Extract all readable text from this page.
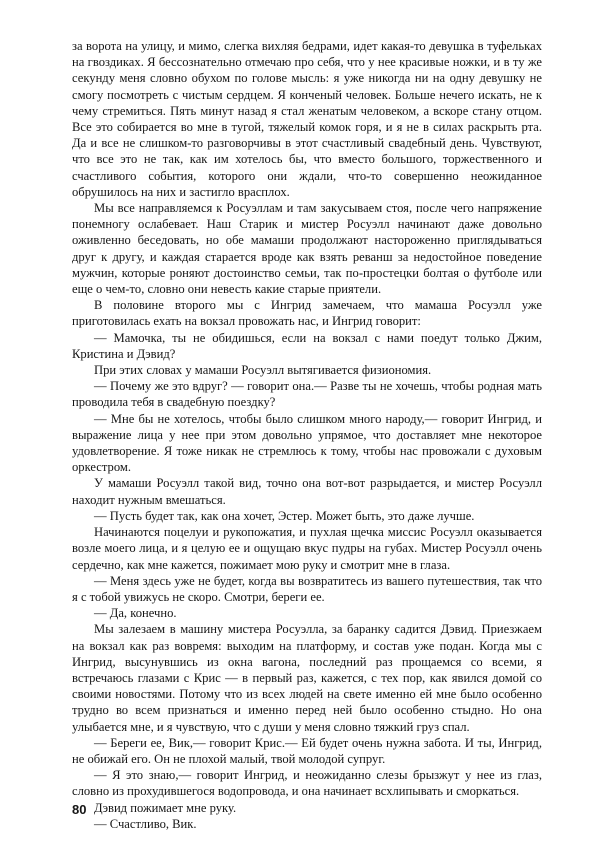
за ворота на улицу, и мимо, слегка вихляя бедрами, идет какая-то девушка в туфельках на гвоздиках. Я бессознательно отмечаю про себя, что у нее красивые ножки, и в ту же секунду меня словно обухом по голове мысль: я уже никогда ни на одну девушку не смогу посмотреть с чистым сердцем. Я конченый человек. Больше нечего искать, не к чему стремиться. Пять минут назад я стал женатым человеком, а вскоре стану отцом. Все это собирается во мне в тугой, тяжелый комок горя, и я не в силах раскрыть рта. Да и все не слишком-то разговорчивы в этот счастливый свадебный день. Чувствуют, что все это не так, как им хотелось бы, что вместо большого, торжественного и счастливого события, которого они ждали, что-то совершенно неожиданное обрушилось на них и застигло врасплох.

Мы все направляемся к Росуэллам и там закусываем стоя, после чего напряжение понемногу ослабевает. Наш Старик и мистер Росуэлл начинают даже довольно оживленно беседовать, но обе мамаши продолжают настороженно приглядываться друг к другу, и каждая старается вроде как взять реванш за недостойное поведение мужчин, которые роняют достоинство семьи, так по-простецки болтая о футболе или еще о чем-то, словно они невесть какие старые приятели.

В половине второго мы с Ингрид замечаем, что мамаша Росуэлл уже приготовилась ехать на вокзал провожать нас, и Ингрид говорит:

— Мамочка, ты не обидишься, если на вокзал с нами поедут только Джим, Кристина и Дэвид?

При этих словах у мамаши Росуэлл вытягивается физиономия.

— Почему же это вдруг? — говорит она.— Разве ты не хочешь, чтобы родная мать проводила тебя в свадебную поездку?

— Мне бы не хотелось, чтобы было слишком много народу,— говорит Ингрид, и выражение лица у нее при этом довольно упрямое, что доставляет мне некоторое удовлетворение. Я тоже никак не стремлюсь к тому, чтобы нас провожали с духовым оркестром.

У мамаши Росуэлл такой вид, точно она вот-вот разрыдается, и мистер Росуэлл находит нужным вмешаться.

— Пусть будет так, как она хочет, Эстер. Может быть, это даже лучше.

Начинаются поцелуи и рукопожатия, и пухлая щечка миссис Росуэлл оказывается возле моего лица, и я целую ее и ощущаю вкус пудры на губах. Мистер Росуэлл очень сердечно, как мне кажется, пожимает мою руку и смотрит мне в глаза.

— Меня здесь уже не будет, когда вы возвратитесь из вашего путешествия, так что я с тобой увижусь не скоро. Смотри, береги ее.

— Да, конечно.

Мы залезаем в машину мистера Росуэлла, за баранку садится Дэвид. Приезжаем на вокзал как раз вовремя: выходим на платформу, и состав уже подан. Когда мы с Ингрид, высунувшись из окна вагона, последний раз прощаемся со всеми, я встречаюсь глазами с Крис — в первый раз, кажется, с тех пор, как явился домой со своими новостями. Потому что из всех людей на свете именно ей мне было особенно трудно во всем признаться и именно перед ней было особенно стыдно. Но она улыбается мне, и я чувствую, что с души у меня словно тяжкий груз спал.

— Береги ее, Вик,— говорит Крис.— Ей будет очень нужна забота. И ты, Ингрид, не обижай его. Он не плохой малый, твой молодой супруг.

— Я это знаю,— говорит Ингрид, и неожиданно слезы брызжут у нее из глаз, словно из прохудившегося водопровода, и она начинает всхлипывать и сморкаться.

Дэвид пожимает мне руку.

— Счастливо, Вик.

80
